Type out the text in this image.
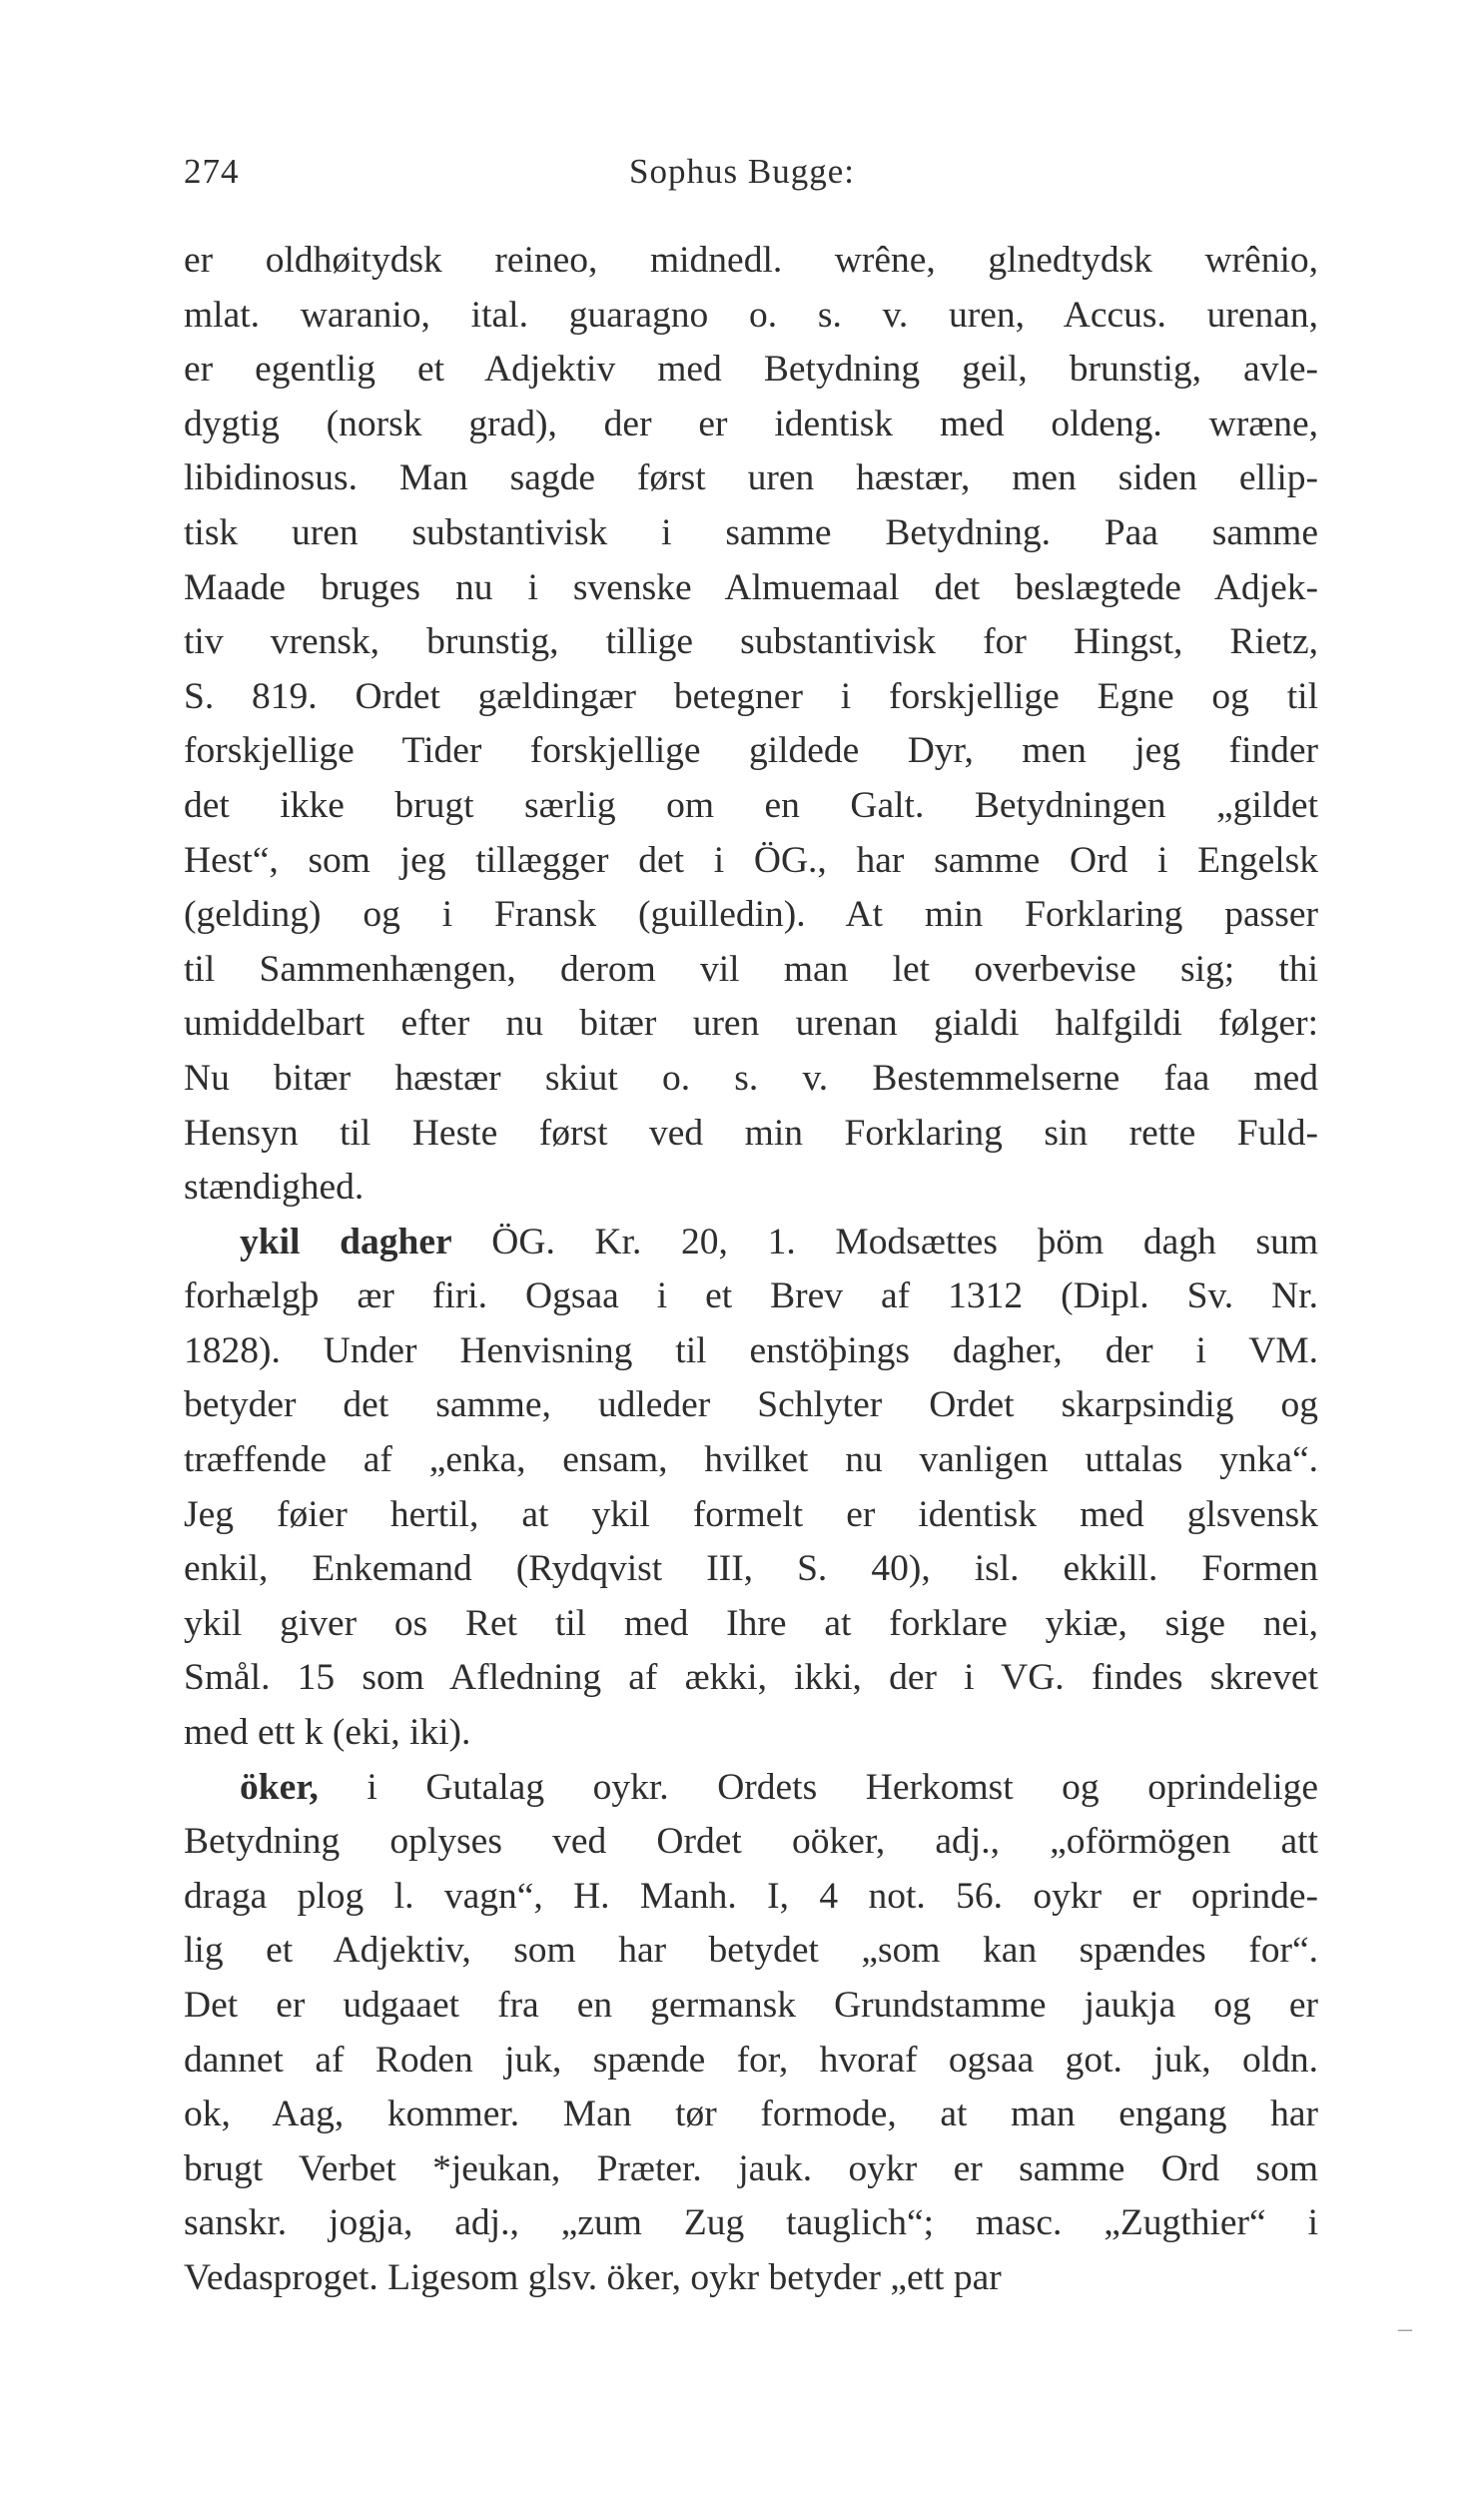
274	Sophus Bugge:
er oldhøitydsk reineo, midnedl. wrêne, glnedtydsk wrênio,
mlat. waranio, ital. guaragno o. s. v. uren, Accus. urenan,
er egentlig et Adjektiv med Betydning geil, brunstig, avle-
dygtig (norsk grad), der er identisk med oldeng. wræne,
libidinosus. Man sagde først uren hæstær, men siden ellip-
tisk uren substantivisk i samme Betydning. Paa samme
Maade bruges nu i svenske Almuemaal det beslægtede Adjek-
tiv vrensk, brunstig, tillige substantivisk for Hingst, Rietz,
S. 819. Ordet gældingær betegner i forskjellige Egne og til
forskjellige Tider forskjellige gildede Dyr, men jeg finder
det ikke brugt særlig om en Galt. Betydningen „gildet
Hest“, som jeg tillægger det i ÖG., har samme Ord i Engelsk
(gelding) og i Fransk (guilledin). At min Forklaring passer
til Sammenhængen, derom vil man let overbevise sig; thi
umiddelbart efter nu bitær uren urenan gialdi halfgildi følger:
Nu bitær hæstær skiut o. s. v. Bestemmelserne faa med
Hensyn til Heste først ved min Forklaring sin rette Fuld-
stændighed.
ykil dagher ÖG. Kr. 20, 1. Modsættes þöm dagh sum
forhælgþ ær firi. Ogsaa i et Brev af 1312 (Dipl. Sv. Nr.
1828). Under Henvisning til enstöþings dagher, der i VM.
betyder det samme, udleder Schlyter Ordet skarpsindig og
træffende af „enka, ensam, hvilket nu vanligen uttalas ynka“.
Jeg føier hertil, at ykil formelt er identisk med glsvensk
enkil, Enkemand (Rydqvist III, S. 40), isl. ekkill. Formen
ykil giver os Ret til med Ihre at forklare ykiæ, sige nei,
Smål. 15 som Afledning af ækki, ikki, der i VG. findes skrevet
med ett k (eki, iki).
öker, i Gutalag oykr. Ordets Herkomst og oprindelige
Betydning oplyses ved Ordet oöker, adj., „oförmögen att
draga plog l. vagn“, H. Manh. I, 4 not. 56. oykr er oprinde-
lig et Adjektiv, som har betydet „som kan spændes for“.
Det er udgaaet fra en germansk Grundstamme jaukja og er
dannet af Roden juk, spænde for, hvoraf ogsaa got. juk, oldn.
ok, Aag, kommer. Man tør formode, at man engang har
brugt Verbet *jeukan, Præter. jauk. oykr er samme Ord som
sanskr. jogja, adj., „zum Zug tauglich“; masc. „Zugthier“ i
Vedasproget. Ligesom glsv. öker, oykr betyder „ett par
–
